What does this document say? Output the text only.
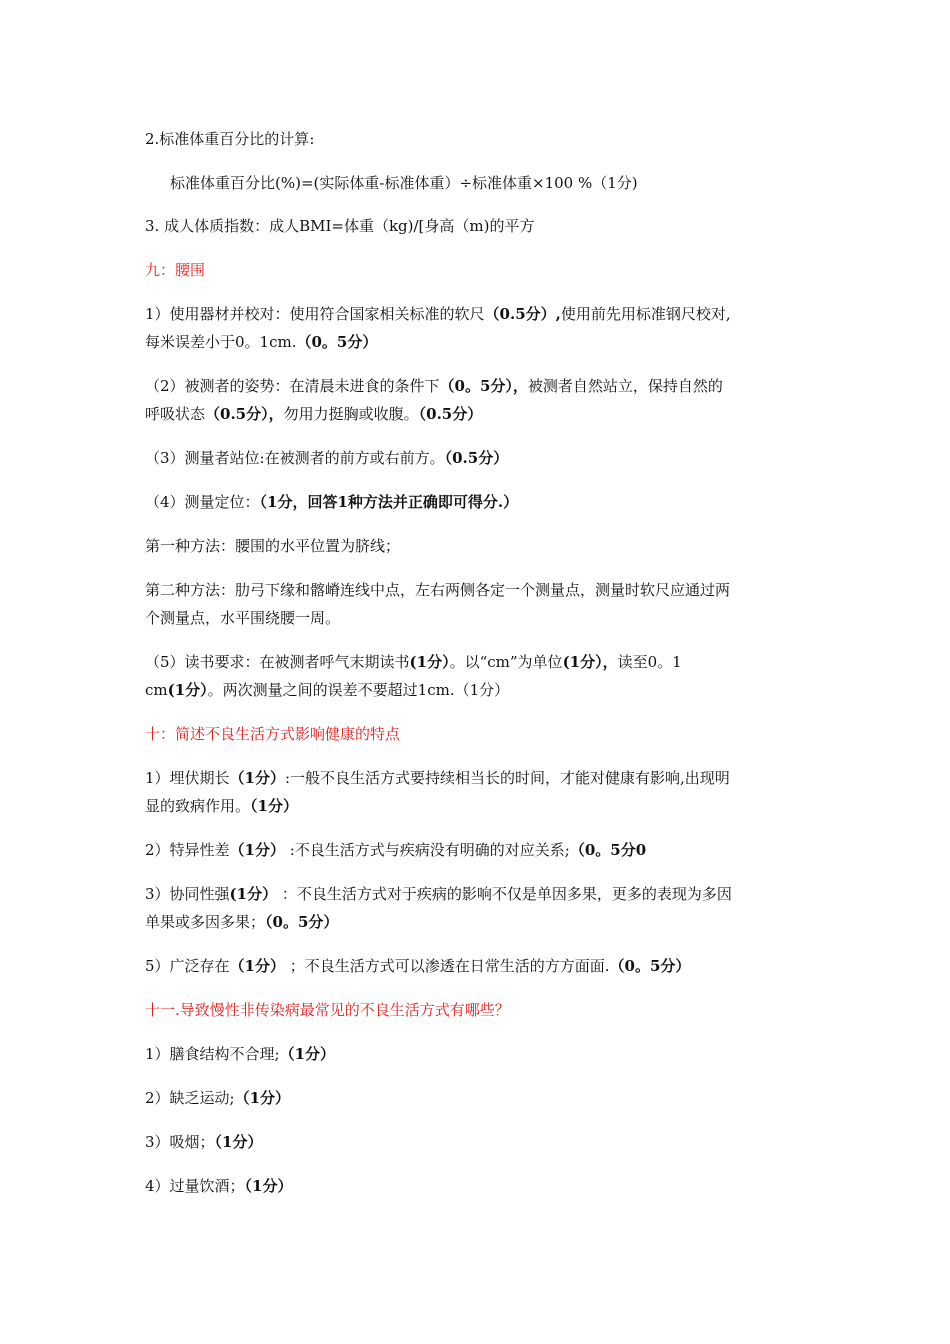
2.标准体重百分比的计算:
标准体重百分比(%)=(实际体重-标准体重）÷标准体重×100 %（1分)
3. 成人体质指数：成人BMI=体重（kg)/[身高（m)的平方
九：腰围
1）使用器材并校对：使用符合国家相关标准的软尺（0.5分）,使用前先用标准钢尺校对,
每米误差小于0。1cm.（0。5分）
（2）被测者的姿势：在清晨未进食的条件下（0。5分），被测者自然站立，保持自然的
呼吸状态（0.5分），勿用力挺胸或收腹。（0.5分）
（3）测量者站位:在被测者的前方或右前方。（0.5分）
（4）测量定位：（1分，回答1种方法并正确即可得分.）
第一种方法：腰围的水平位置为脐线；
第二种方法：肋弓下缘和髂嵴连线中点，左右两侧各定一个测量点，测量时软尺应通过两
个测量点，水平围绕腰一周。
（5）读书要求：在被测者呼气末期读书(1分）。以“cm”为单位(1分），读至0。1
cm(1分）。两次测量之间的误差不要超过1cm.（1分）
十：简述不良生活方式影响健康的特点
1）埋伏期长（1分）:一般不良生活方式要持续相当长的时间，才能对健康有影响,出现明
显的致病作用。（1分）
2）特异性差（1分） :不良生活方式与疾病没有明确的对应关系;（0。5分0
3）协同性强(1分） ：不良生活方式对于疾病的影响不仅是单因多果，更多的表现为多因
单果或多因多果；（0。5分）
5）广泛存在（1分） ；不良生活方式可以渗透在日常生活的方方面面.（0。5分）
十一.导致慢性非传染病最常见的不良生活方式有哪些？
1）膳食结构不合理;（1分）
2）缺乏运动;（1分）
3）吸烟；（1分）
4）过量饮酒；（1分）
